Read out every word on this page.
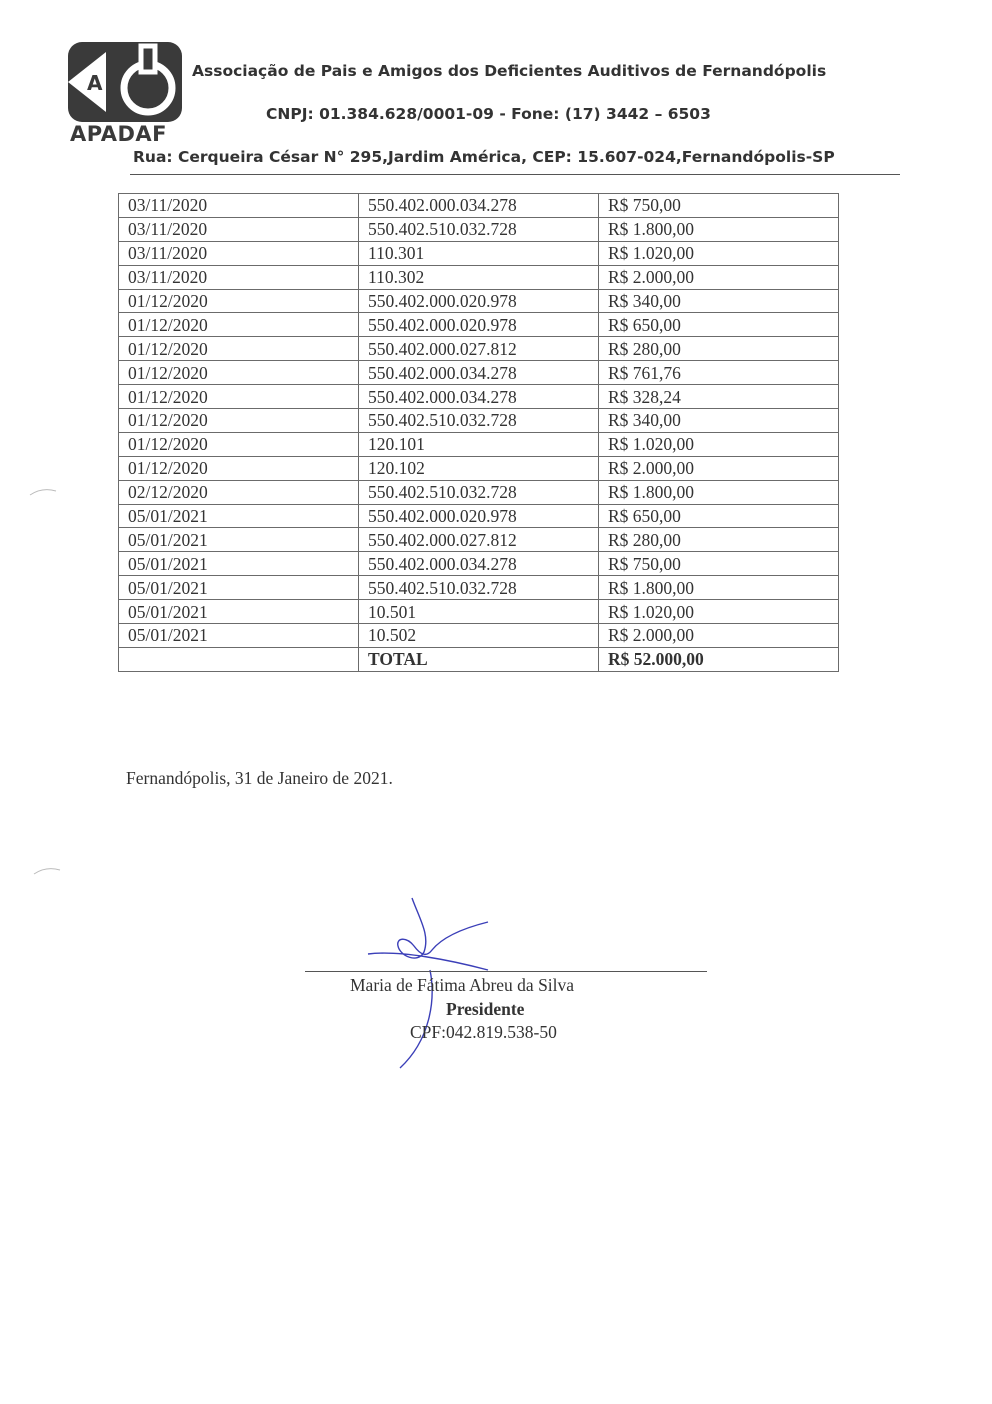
A
APADAF
Associação de Pais e Amigos dos Deficientes Auditivos de Fernandópolis
CNPJ: 01.384.628/0001-09 - Fone: (17) 3442 – 6503
Rua: Cerqueira César N° 295,Jardim América, CEP: 15.607-024,Fernandópolis-SP
03/11/2020	550.402.000.034.278	R$ 750,00
03/11/2020	550.402.510.032.728	R$ 1.800,00
03/11/2020	110.301	R$ 1.020,00
03/11/2020	110.302	R$ 2.000,00
01/12/2020	550.402.000.020.978	R$ 340,00
01/12/2020	550.402.000.020.978	R$ 650,00
01/12/2020	550.402.000.027.812	R$ 280,00
01/12/2020	550.402.000.034.278	R$ 761,76
01/12/2020	550.402.000.034.278	R$ 328,24
01/12/2020	550.402.510.032.728	R$ 340,00
01/12/2020	120.101	R$ 1.020,00
01/12/2020	120.102	R$ 2.000,00
02/12/2020	550.402.510.032.728	R$ 1.800,00
05/01/2021	550.402.000.020.978	R$ 650,00
05/01/2021	550.402.000.027.812	R$ 280,00
05/01/2021	550.402.000.034.278	R$ 750,00
05/01/2021	550.402.510.032.728	R$ 1.800,00
05/01/2021	10.501	R$ 1.020,00
05/01/2021	10.502	R$ 2.000,00
	TOTAL	R$ 52.000,00
Fernandópolis, 31 de Janeiro de 2021.
Maria de Fátima Abreu da Silva
Presidente
CPF:042.819.538-50
